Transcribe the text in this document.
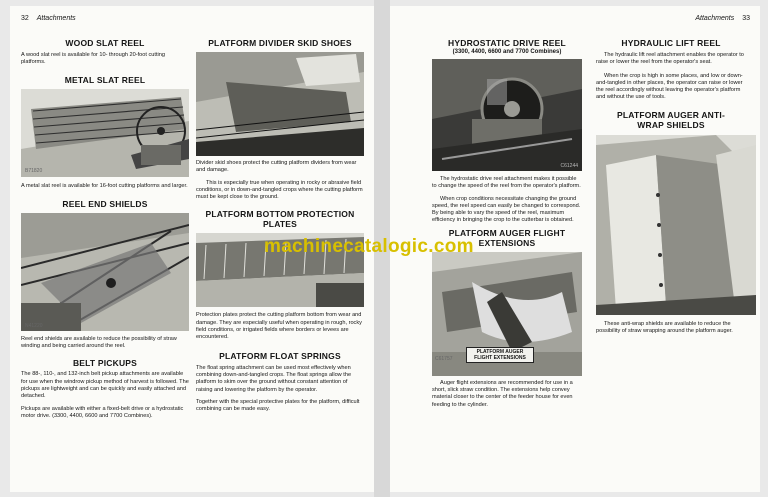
32 Attachments
WOOD SLAT REEL

A wood slat reel is available for 10- through 20-foot cutting platforms.

METAL SLAT REEL
B71820

A metal slat reel is available for 16-foot cutting platforms and larger.

REEL END SHIELDS
N41220

Reel end shields are available to reduce the possibility of straw winding and being carried around the reel.

BELT PICKUPS

The 88-, 110-, and 132-inch belt pickup attachments are available for use when the windrow pickup method of harvest is followed. The pickups are lightweight and can be quickly and easily attached and detached.

Pickups are available with either a fixed-belt drive or a hydrostatic motor drive. (3300, 4400, 6600 and 7700 Combines).

PLATFORM DIVIDER SKID SHOES

Divider skid shoes protect the cutting platform dividers from wear and damage.

This is especially true when operating in rocky or abrasive field conditions, or in down-and-tangled crops where the cutting platform must be kept close to the ground.

PLATFORM BOTTOM PROTECTION PLATES

Protection plates protect the cutting platform bottom from wear and damage. They are especially useful when operating in rough, rocky field conditions, or irrigated fields where borders or levees are encountered.

PLATFORM FLOAT SPRINGS

The float spring attachment can be used most effectively when combining down-and-tangled crops. The float springs allow the platform to skim over the ground without constant attention of raising and lowering the platform by the operator.

Together with the special protective plates for the platform, difficult combining can be made easy.

Attachments 33
HYDROSTATIC DRIVE REEL
(3300, 4400, 6600 and 7700 Combines)
C61244

The hydrostatic drive reel attachment makes it possible to change the speed of the reel from the operator's platform.

When crop conditions necessitate changing the ground speed, the reel speed can easily be changed to correspond. By being able to vary the speed of the reel, maximum efficiency in bringing the crop to the cutterbar is obtained.

PLATFORM AUGER FLIGHT EXTENSIONS
PLATFORM AUGER FLIGHT EXTENSIONS
C61757

Auger flight extensions are recommended for use in a short, slick straw condition. The extensions help convey material closer to the center of the feeder house for even feeding to the cylinder.

HYDRAULIC LIFT REEL

The hydraulic lift reel attachment enables the operator to raise or lower the reel from the operator's seat.

When the crop is high in some places, and low or down-and-tangled in other places, the operator can raise or lower the reel accordingly without leaving the operator's platform and without the use of tools.

PLATFORM AUGER ANTI-WRAP SHIELDS

These anti-wrap shields are available to reduce the possibility of straw wrapping around the platform auger.

machinecatalogic.com
